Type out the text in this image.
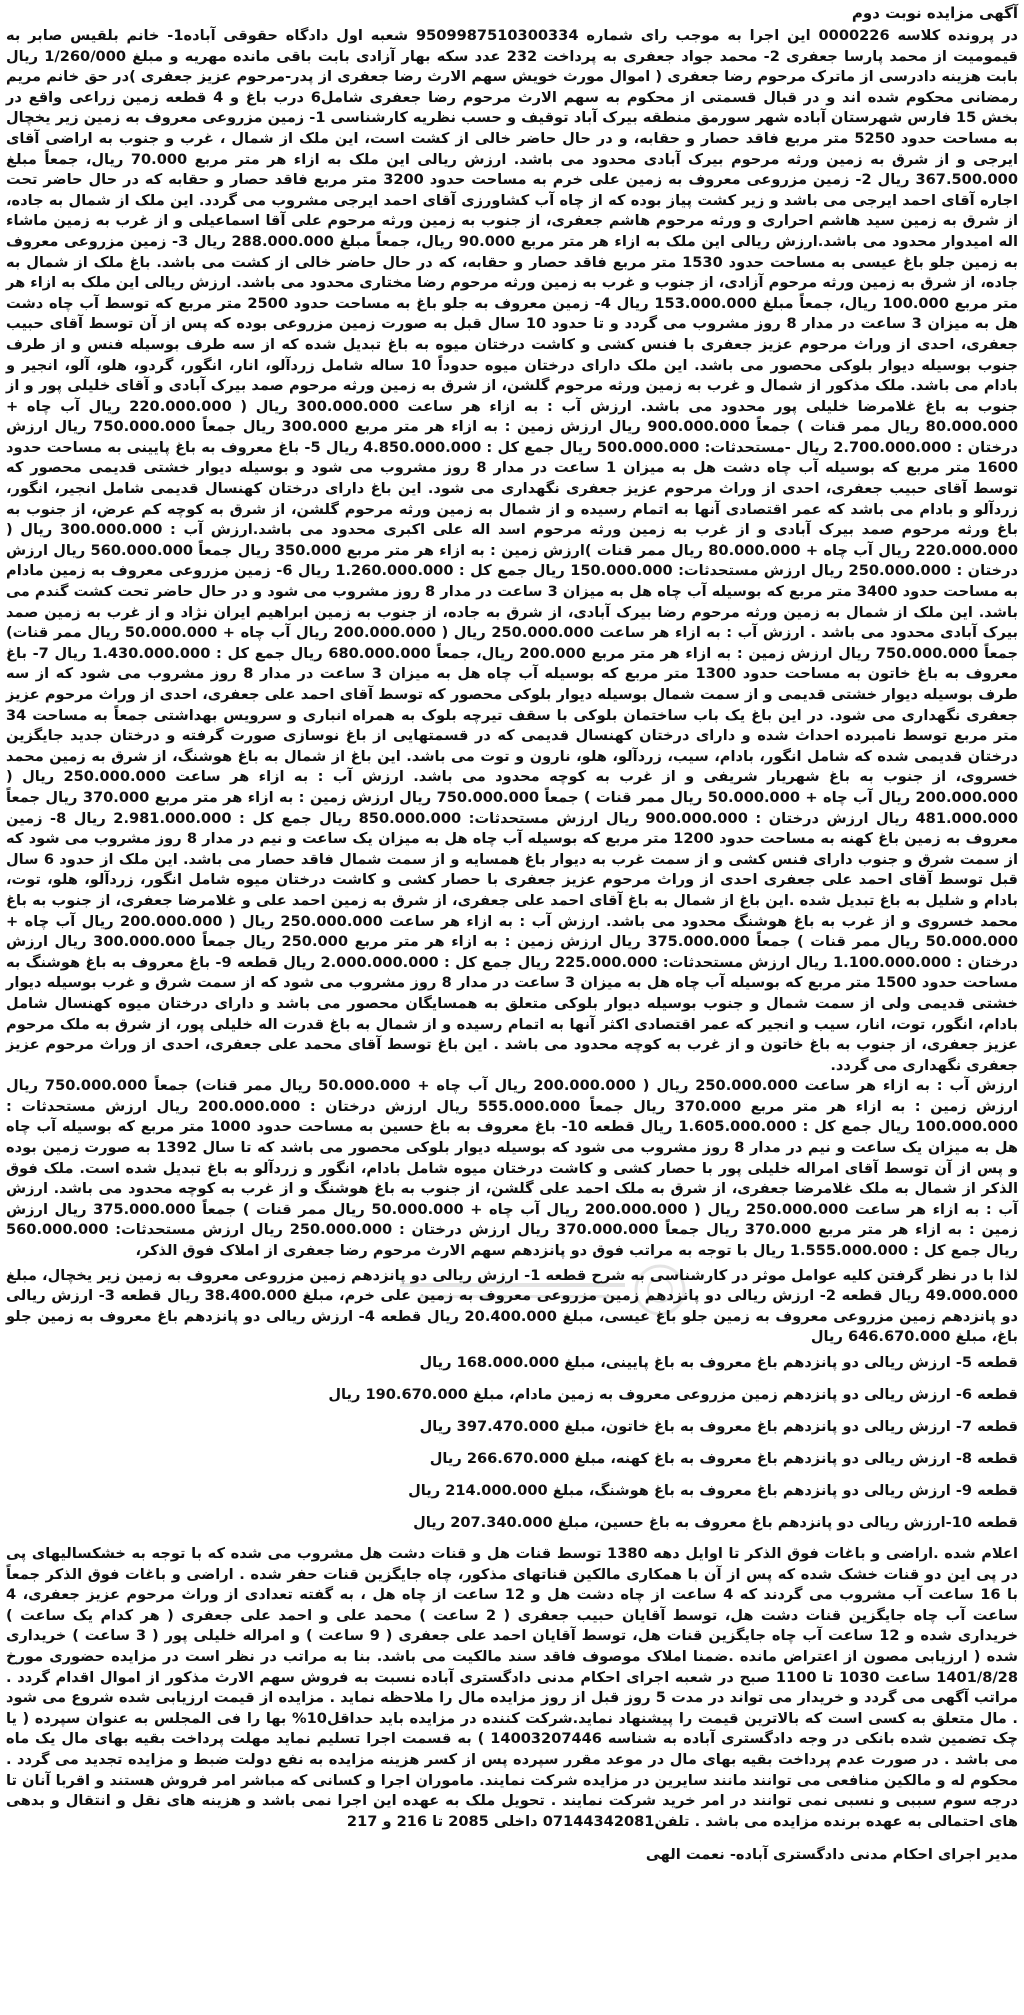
آگهی مزایده نوبت دوم

در پرونده کلاسه 0000226 این اجرا به موجب رای شماره 9509987510300334 شعبه اول دادگاه حقوقی آباده1- خانم بلقیس صابر به قیمومیت از محمد پارسا جعفری 2- محمد جواد جعفری به پرداخت 232 عدد سکه بهار آزادی بابت باقی مانده مهریه و مبلغ 1/260/000 ریال بابت هزینه دادرسی از ماترک مرحوم رضا جعفری ( اموال مورث خویش سهم الارث رضا جعفری از پدر-مرحوم عزیز جعفری )در حق خانم مریم رمضانی محکوم شده اند و در قبال قسمتی از محکوم به سهم الارث مرحوم رضا جعفری شامل6 درب باغ و 4 قطعه زمین زراعی واقع در بخش 15 فارس شهرستان آباده شهر سورمق منطقه بیرک آباد توقیف و حسب نظریه کارشناسی 1- زمین مزروعی معروف به زمین زیر یخچال به مساحت حدود 5250 متر مربع فاقد حصار و حقابه، و در حال حاضر خالی از کشت است، این ملک از شمال ، غرب و جنوب به اراضی آقای ایرجی و از شرق به زمین ورثه مرحوم بیرک آبادی محدود می باشد. ارزش ریالی این ملک به ازاء هر متر مربع 70.000 ریال، جمعاً مبلغ 367.500.000 ریال 2- زمین مزروعی معروف به زمین علی خرم به مساحت حدود 3200 متر مربع فاقد حصار و حقابه که در حال حاضر تحت اجاره آقای احمد ایرجی می باشد و زیر کشت پیاز بوده که از چاه آب کشاورزی آقای احمد ایرجی مشروب می گردد. این ملک از شمال به جاده، از شرق به زمین سید هاشم احراری و ورثه مرحوم هاشم جعفری، از جنوب به زمین ورثه مرحوم علی آقا اسماعیلی و از غرب به زمین ماشاء اله امیدوار محدود می باشد.ارزش ریالی این ملک به ازاء هر متر مربع 90.000 ریال، جمعاً مبلغ 288.000.000 ریال 3- زمین مزروعی معروف به زمین جلو باغ عیسی به مساحت حدود 1530 متر مربع فاقد حصار و حقابه، که در حال حاضر خالی از کشت می باشد. باغ ملک از شمال به جاده، از شرق به زمین ورثه مرحوم آزادی، از جنوب و غرب به زمین ورثه مرحوم رضا مختاری محدود می باشد. ارزش ریالی این ملک به ازاء هر متر مربع 100.000 ریال، جمعاً مبلغ 153.000.000 ریال 4- زمین معروف به جلو باغ به مساحت حدود 2500 متر مربع که توسط آب چاه دشت هل به میزان 3 ساعت در مدار 8 روز مشروب می گردد و تا حدود 10 سال قبل به صورت زمین مزروعی بوده که پس از آن توسط آقای حبیب جعفری، احدی از وراث مرحوم عزیز جعفری با فنس کشی و کاشت درختان میوه به باغ تبدیل شده که از سه طرف بوسیله فنس و از طرف جنوب بوسیله دیوار بلوکی محصور می باشد. این ملک دارای درختان میوه حدوداً 10 ساله شامل زردآلو، انار، انگور، گردو، هلو، آلو، انجیر و بادام می باشد. ملک مذکور از شمال و غرب به زمین ورثه مرحوم گلشن، از شرق به زمین ورثه مرحوم صمد بیرک آبادی و آقای خلیلی پور و از جنوب به باغ غلامرضا خلیلی پور محدود می باشد. ارزش آب : به ازاء هر ساعت 300.000.000 ریال ( 220.000.000 ریال آب چاه + 80.000.000 ریال ممر قنات ) جمعاً 900.000.000 ریال ارزش زمین : به ازاء هر متر مربع 300.000 ریال جمعاً 750.000.000 ریال ارزش درختان : 2.700.000.000 ریال -مستحدثات: 500.000.000 ریال جمع کل : 4.850.000.000 ریال 5- باغ معروف به باغ پایینی به مساحت حدود 1600 متر مربع که بوسیله آب چاه دشت هل به میزان 1 ساعت در مدار 8 روز مشروب می شود و بوسیله دیوار خشتی قدیمی محصور که توسط آقای حبیب جعفری، احدی از وراث مرحوم عزیز جعفری نگهداری می شود. این باغ دارای درختان کهنسال قدیمی شامل انجیر، انگور، زردآلو و بادام می باشد که عمر اقتصادی آنها به اتمام رسیده و از شمال به زمین ورثه مرحوم گلشن، از شرق به کوچه کم عرض، از جنوب به باغ ورثه مرحوم صمد بیرک آبادی و از غرب به زمین ورثه مرحوم اسد اله علی اکبری محدود می باشد.ارزش آب : 300.000.000 ریال ( 220.000.000 ریال آب چاه + 80.000.000 ریال ممر قنات )ارزش زمین : به ازاء هر متر مربع 350.000 ریال جمعاً 560.000.000 ریال ارزش درختان : 250.000.000 ریال ارزش مستحدثات: 150.000.000 ریال جمع کل : 1.260.000.000 ریال 6- زمین مزروعی معروف به زمین مادام به مساحت حدود 3400 متر مربع که بوسیله آب چاه هل به میزان 3 ساعت در مدار 8 روز مشروب می شود و در حال حاضر تحت کشت گندم می باشد. این ملک از شمال به زمین ورثه مرحوم رضا بیرک آبادی، از شرق به جاده، از جنوب به زمین ابراهیم ایران نژاد و از غرب به زمین صمد بیرک آبادی محدود می باشد . ارزش آب : به ازاء هر ساعت 250.000.000 ریال ( 200.000.000 ریال آب چاه + 50.000.000 ریال ممر قنات) جمعاً 750.000.000 ریال ارزش زمین : به ازاء هر متر مربع 200.000 ریال، جمعاً 680.000.000 ریال جمع کل : 1.430.000.000 ریال 7- باغ معروف به باغ خاتون به مساحت حدود 1300 متر مربع که بوسیله آب چاه هل به میزان 3 ساعت در مدار 8 روز مشروب می شود که از سه طرف بوسیله دیوار خشتی قدیمی و از سمت شمال بوسیله دیوار بلوکی محصور که توسط آقای احمد علی جعفری، احدی از وراث مرحوم عزیز جعفری نگهداری می شود. در این باغ یک باب ساختمان بلوکی با سقف تیرچه بلوک به همراه انباری و سرویس بهداشتی جمعاً به مساحت 34 متر مربع توسط نامبرده احداث شده و دارای درختان کهنسال قدیمی که در قسمتهایی از باغ نوسازی صورت گرفته و درختان جدید جایگزین درختان قدیمی شده که شامل انگور، بادام، سیب، زردآلو، هلو، نارون و توت می باشد. این باغ از شمال به باغ هوشنگ، از شرق به زمین محمد خسروی، از جنوب به باغ شهریار شریفی و از غرب به کوچه محدود می باشد. ارزش آب : به ازاء هر ساعت 250.000.000 ریال ( 200.000.000 ریال آب چاه + 50.000.000 ریال ممر قنات ) جمعاً 750.000.000 ریال ارزش زمین : به ازاء هر متر مربع 370.000 ریال جمعاً 481.000.000 ریال ارزش درختان : 900.000.000 ریال ارزش مستحدثات: 850.000.000 ریال جمع کل : 2.981.000.000 ریال 8- زمین معروف به زمین باغ کهنه به مساحت حدود 1200 متر مربع که بوسیله آب چاه هل به میزان یک ساعت و نیم در مدار 8 روز مشروب می شود که از سمت شرق و جنوب دارای فنس کشی و از سمت غرب به دیوار باغ همسایه و از سمت شمال فاقد حصار می باشد. این ملک از حدود 6 سال قبل توسط آقای احمد علی جعفری احدی از وراث مرحوم عزیز جعفری با حصار کشی و کاشت درختان میوه شامل انگور، زردآلو، هلو، توت، بادام و شلیل به باغ تبدیل شده .این باغ از شمال به باغ آقای احمد علی جعفری، از شرق به زمین احمد علی و غلامرضا جعفری، از جنوب به باغ محمد خسروی و از غرب به باغ هوشنگ محدود می باشد. ارزش آب : به ازاء هر ساعت 250.000.000 ریال ( 200.000.000 ریال آب چاه + 50.000.000 ریال ممر قنات ) جمعاً 375.000.000 ریال ارزش زمین : به ازاء هر متر مربع 250.000 ریال جمعاً 300.000.000 ریال ارزش درختان : 1.100.000.000 ریال ارزش مستحدثات: 225.000.000 ریال جمع کل : 2.000.000.000 ریال قطعه 9- باغ معروف به باغ هوشنگ به مساحت حدود 1500 متر مربع که بوسیله آب چاه هل به میزان 3 ساعت در مدار 8 روز مشروب می شود که از سمت شرق و غرب بوسیله دیوار خشتی قدیمی ولی از سمت شمال و جنوب بوسیله دیوار بلوکی متعلق به همسایگان محصور می باشد و دارای درختان میوه کهنسال شامل بادام، انگور، توت، انار، سیب و انجیر که عمر اقتصادی اکثر آنها به اتمام رسیده و از شمال به باغ قدرت اله خلیلی پور، از شرق به ملک مرحوم عزیز جعفری، از جنوب به باغ خاتون و از غرب به کوچه محدود می باشد . این باغ توسط آقای محمد علی جعفری، احدی از وراث مرحوم عزیز جعفری نگهداری می گردد.

ارزش آب : به ازاء هر ساعت 250.000.000 ریال ( 200.000.000 ریال آب چاه + 50.000.000 ریال ممر قنات) جمعاً 750.000.000 ریال ارزش زمین : به ازاء هر متر مربع 370.000 ریال جمعاً 555.000.000 ریال ارزش درختان : 200.000.000 ریال ارزش مستحدثات : 100.000.000 ریال جمع کل : 1.605.000.000 ریال قطعه 10- باغ معروف به باغ حسین به مساحت حدود 1000 متر مربع که بوسیله آب چاه هل به میزان یک ساعت و نیم در مدار 8 روز مشروب می شود که بوسیله دیوار بلوکی محصور می باشد که تا سال 1392 به صورت زمین بوده و پس از آن توسط آقای امراله خلیلی پور با حصار کشی و کاشت درختان میوه شامل بادام، انگور و زردآلو به باغ تبدیل شده است. ملک فوق الذکر از شمال به ملک غلامرضا جعفری، از شرق به ملک احمد علی گلشن، از جنوب به باغ هوشنگ و از غرب به کوچه محدود می باشد. ارزش آب : به ازاء هر ساعت 250.000.000 ریال ( 200.000.000 ریال آب چاه + 50.000.000 ریال ممر قنات ) جمعاً 375.000.000 ریال ارزش زمین : به ازاء هر متر مربع 370.000 ریال جمعاً 370.000.000 ریال ارزش درختان : 250.000.000 ریال ارزش مستحدثات: 560.000.000 ریال جمع کل : 1.555.000.000 ریال با توجه به مراتب فوق دو پانزدهم سهم الارث مرحوم رضا جعفری از املاک فوق الذکر،

لذا با در نظر گرفتن کلیه عوامل موثر در کارشناسی به شرح قطعه 1- ارزش ریالی دو پانزدهم زمین مزروعی معروف به زمین زیر یخچال، مبلغ 49.000.000 ریال قطعه 2- ارزش ریالی دو پانزدهم زمین مزروعی معروف به زمین علی خرم، مبلغ 38.400.000 ریال قطعه 3- ارزش ریالی دو پانزدهم زمین مزروعی معروف به زمین جلو باغ عیسی، مبلغ 20.400.000 ریال قطعه 4- ارزش ریالی دو پانزدهم باغ معروف به زمین جلو باغ، مبلغ 646.670.000 ریال

قطعه 5- ارزش ریالی دو پانزدهم باغ معروف به باغ پایینی، مبلغ 168.000.000 ریال
قطعه 6- ارزش ریالی دو پانزدهم زمین مزروعی معروف به زمین مادام، مبلغ 190.670.000 ریال
قطعه 7- ارزش ریالی دو پانزدهم باغ معروف به باغ خاتون، مبلغ 397.470.000 ریال
قطعه 8- ارزش ریالی دو پانزدهم باغ معروف به باغ کهنه، مبلغ 266.670.000 ریال
قطعه 9- ارزش ریالی دو پانزدهم باغ معروف به باغ هوشنگ، مبلغ 214.000.000 ریال
قطعه 10-ارزش ریالی دو پانزدهم باغ معروف به باغ حسین، مبلغ 207.340.000 ریال

اعلام شده .اراضی و باغات فوق الذکر تا اوایل دهه 1380 توسط قنات هل و قنات دشت هل مشروب می شده که با توجه به خشکسالیهای پی در پی این دو قنات خشک شده که پس از آن با همکاری مالکین قناتهای مذکور، چاه جایگزین قنات حفر شده . اراضی و باغات فوق الذکر جمعاً با 16 ساعت آب مشروب می گردند که 4 ساعت از چاه دشت هل و 12 ساعت از چاه هل ، به گفته تعدادی از وراث مرحوم عزیز جعفری، 4 ساعت آب چاه جایگزین قنات دشت هل، توسط آقایان حبیب جعفری ( 2 ساعت ) محمد علی و احمد علی جعفری ( هر کدام یک ساعت ) خریداری شده و 12 ساعت آب چاه جایگزین قنات هل، توسط آقایان احمد علی جعفری ( 9 ساعت ) و امراله خلیلی پور ( 3 ساعت ) خریداری شده ( ارزیابی مصون از اعتراض مانده .ضمنا املاک موصوف فاقد سند مالکیت می باشد. بنا به مراتب در نظر است در مزایده حضوری مورخ 1401/8/28 ساعت 1030 تا 1100 صبح در شعبه اجرای احکام مدنی دادگستری آباده نسبت به فروش سهم الارث مذکور از اموال اقدام گردد . مراتب آگهی می گردد و خریدار می تواند در مدت 5 روز قبل از روز مزایده مال را ملاحظه نماید . مزایده از قیمت ارزیابی شده شروع می شود . مال متعلق به کسی است که بالاترین قیمت را پیشنهاد نماید.شرکت کننده در مزایده باید حداقل10% بها را فی المجلس به عنوان سپرده ( یا چک تضمین شده بانکی در وجه دادگستری آباده به شناسه 14003207446 ) به قسمت اجرا تسلیم نماید مهلت پرداخت بقیه بهای مال یک ماه می باشد . در صورت عدم پرداخت بقیه بهای مال در موعد مقرر سپرده پس از کسر هزینه مزایده به نفع دولت ضبط و مزایده تجدید می گردد . محکوم له و مالکین منافعی می توانند مانند سایرین در مزایده شرکت نمایند. ماموران اجرا و کسانی که مباشر امر فروش هستند و اقربا آنان تا درجه سوم سببی و نسبی نمی توانند در امر خرید شرکت نمایند . تحویل ملک به عهده این اجرا نمی باشد و هزینه های نقل و انتقال و بدهی های احتمالی به عهده برنده مزایده می باشد . تلفن07144342081 داخلی 2085 تا 216 و 217

مدیر اجرای احکام مدنی دادگستری آباده- نعمت الهی
